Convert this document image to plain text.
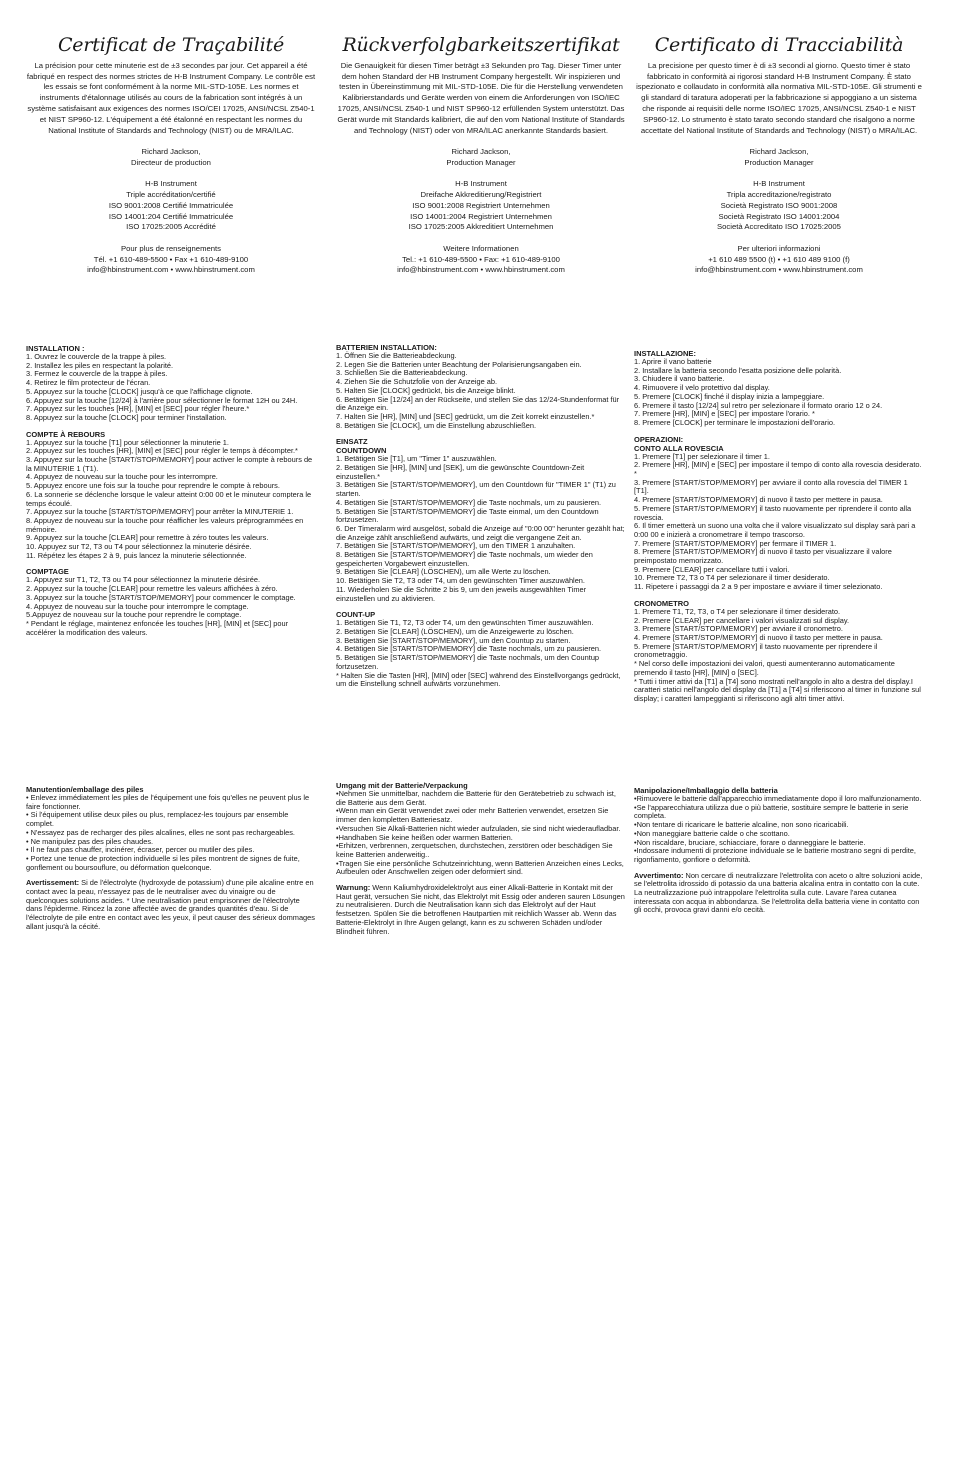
Certificat de Traçabilité

La précision pour cette minuterie est de ±3 secondes par jour. Cet appareil a été fabriqué en respect des normes strictes de H-B Instrument Company. Le contrôle est les essais se font conformément à la norme MIL-STD-105E. Les normes et instruments d'étalonnage utilisés au cours de la fabrication sont intégrés à un système satisfaisant aux exigences des normes ISO/CEI 17025, ANSI/NCSL Z540-1 et NIST SP960-12. L'équipement a été étalonné en respectant les normes du National Institute of Standards and Technology (NIST) ou de MRA/ILAC.

Richard Jackson,
Directeur de production

H-B Instrument
Triple accréditation/certifié
ISO 9001:2008 Certifié Immatriculée
ISO 14001:204 Certifié Immatriculée
ISO 17025:2005 Accrédité

Pour plus de renseignements
Tél. +1 610-489-5500 • Fax +1 610-489-9100
info@hbinstrument.com • www.hbinstrument.com

Rückverfolgbarkeitszertifikat

Die Genauigkeit für diesen Timer beträgt ±3 Sekunden pro Tag. Dieser Timer unter dem hohen Standard der HB Instrument Company hergestellt. Wir inspizieren und testen in Übereinstimmung mit MIL-STD-105E. Die für die Herstellung verwendeten Kalibrierstandards und Geräte werden von einem die Anforderungen von ISO/IEC 17025, ANSI/NCSL Z540-1 und NIST SP960-12 erfüllenden System unterstützt. Das Gerät wurde mit Standards kalibriert, die auf den vom National Institute of Standards and Technology (NIST) oder von MRA/ILAC anerkannte Standards basiert.

Richard Jackson,
Production Manager

H-B Instrument
Dreifache Akkreditierung/Registriert
ISO 9001:2008 Registriert Unternehmen
ISO 14001:2004 Registriert Unternehmen
ISO 17025:2005 Akkreditiert Unternehmen

Weitere Informationen
Tel.: +1 610-489-5500 • Fax: +1 610-489-9100
info@hbinstrument.com • www.hbinstrument.com

Certificato di Tracciabilità

La precisione per questo timer è di ±3 secondi al giorno. Questo timer è stato fabbricato in conformità ai rigorosi standard H-B Instrument Company. È stato ispezionato e collaudato in conformità alla normativa MIL-STD-105E. Gli strumenti e gli standard di taratura adoperati per la fabbricazione si appoggiano a un sistema che risponde ai requisiti delle norme ISO/IEC 17025, ANSI/NCSL Z540-1 e NIST SP960-12. Lo strumento è stato tarato secondo standard che risalgono a norme accettate del National Institute of Standards and Technology (NIST) o MRA/ILAC.

Richard Jackson,
Production Manager

H-B Instrument
Tripla accreditazione/registrato
Società Registrato ISO 9001:2008
Società Registrato ISO 14001:2004
Società Accreditato ISO 17025:2005

Per ulteriori informazioni
+1 610 489 5500 (t) • +1 610 489 9100 (f)
info@hbinstrument.com • www.hbinstrument.com

INSTALLATION :
1. Ouvrez le couvercle de la trappe à piles.
2. Installez les piles en respectant la polarité.
3. Fermez le couvercle de la trappe à piles.
4. Retirez le film protecteur de l'écran.
5. Appuyez sur la touche [CLOCK] jusqu'à ce que l'affichage clignote.
6. Appuyez sur la touche [12/24] à l'arrière pour sélectionner le format 12H ou 24H.
7. Appuyez sur les touches [HR], [MIN] et [SEC] pour régler l'heure.*
8. Appuyez sur la touche [CLOCK] pour terminer l'installation.
COMPTE À REBOURS
1. Appuyez sur la touche [T1] pour sélectionner la minuterie 1.
2. Appuyez sur les touches [HR], [MIN] et [SEC] pour régler le temps à décompter.*
3. Appuyez sur la touche [START/STOP/MEMORY] pour activer le compte à rebours de la MINUTERIE 1 (T1).
4. Appuyez de nouveau sur la touche pour les interrompre.
5. Appuyez encore une fois sur la touche pour reprendre le compte à rebours.
6. La sonnerie se déclenche lorsque le valeur atteint 0:00 00 et le minuteur comptera le temps écoulé.
7. Appuyez sur la touche [START/STOP/MEMORY] pour arrêter la MINUTERIE 1.
8. Appuyez de nouveau sur la touche pour réafficher les valeurs préprogrammées en mémoire.
9. Appuyez sur la touche [CLEAR] pour remettre à zéro toutes les valeurs.
10. Appuyez sur T2, T3 ou T4 pour sélectionnez la minuterie désirée.
11. Répétez les étapes 2 à 9, puis lancez la minuterie sélectionnée.
COMPTAGE
1. Appuyez sur T1, T2, T3 ou T4 pour sélectionnez la minuterie désirée.
2. Appuyez sur la touche [CLEAR] pour remettre les valeurs affichées à zéro.
3. Appuyez sur la touche [START/STOP/MEMORY] pour commencer le comptage.
4. Appuyez de nouveau sur la touche pour interrompre le comptage.
5.Appuyez de nouveau sur la touche pour reprendre le comptage.
* Pendant le réglage, maintenez enfoncée les touches [HR], [MIN] et [SEC] pour accélérer la modification des valeurs.
BATTERIEN INSTALLATION:
1. Öffnen Sie die Batterieabdeckung.
2. Legen Sie die Batterien unter Beachtung der Polarisierungsangaben ein.
3. Schließen Sie die Batterieabdeckung.
4. Ziehen Sie die Schutzfolie von der Anzeige ab.
5. Halten Sie [CLOCK] gedrückt, bis die Anzeige blinkt.
6. Betätigen Sie [12/24] an der Rückseite, und stellen Sie das 12/24-Stundenformat für die Anzeige ein.
7. Halten Sie [HR], [MIN] und [SEC] gedrückt, um die Zeit korrekt einzustellen.*
8. Betätigen Sie [CLOCK], um die Einstellung abzuschließen.
EINSATZ
COUNTDOWN
1. Betätigen Sie [T1], um "Timer 1" auszuwählen.
2. Betätigen Sie [HR], [MIN] und [SEK], um die gewünschte Countdown-Zeit einzustellen.*
3. Betätigen Sie [START/STOP/MEMORY], um den Countdown für "TIMER 1" (T1) zu starten.
4. Betätigen Sie [START/STOP/MEMORY] die Taste nochmals, um zu pausieren.
5. Betätigen Sie [START/STOP/MEMORY] die Taste einmal, um den Countdown fortzusetzen.
6. Der Timeralarm wird ausgelöst, sobald die Anzeige auf "0:00 00" herunter gezählt hat; die Anzeige zählt anschließend aufwärts, und zeigt die vergangene Zeit an.
7. Betätigen Sie [START/STOP/MEMORY], um den TIMER 1 anzuhalten.
8. Betätigen Sie [START/STOP/MEMORY] die Taste nochmals, um wieder den gespeicherten Vorgabewert einzustellen.
9. Betätigen Sie [CLEAR] (LÖSCHEN), um alle Werte zu löschen.
10. Betätigen Sie T2, T3 oder T4, um den gewünschten Timer auszuwählen.
11. Wiederholen Sie die Schritte 2 bis 9, um den jeweils ausgewählten Timer einzustellen und zu aktivieren.
COUNT-UP
1. Betätigen Sie T1, T2, T3 oder T4, um den gewünschten Timer auszuwählen.
2. Betätigen Sie [CLEAR] (LÖSCHEN), um die Anzeigewerte zu löschen.
3. Betätigen Sie [START/STOP/MEMORY], um den Countup zu starten.
4. Betätigen Sie [START/STOP/MEMORY] die Taste nochmals, um zu pausieren.
5. Betätigen Sie [START/STOP/MEMORY] die Taste nochmals, um den Countup fortzusetzen.
* Halten Sie die Tasten [HR], [MIN] oder [SEC] während des Einstellvorgangs gedrückt, um die Einstellung schnell aufwärts vorzunehmen.
INSTALLAZIONE:
1. Aprire il vano batterie
2. Installare la batteria secondo l'esatta posizione delle polarità.
3. Chiudere il vano batterie.
4. Rimuovere il velo protettivo dal display.
5. Premere [CLOCK] finché il display inizia a lampeggiare.
6. Premere il tasto [12/24] sul retro per selezionare il formato orario 12 o 24.
7. Premere [HR], [MIN] e [SEC] per impostare l'orario. *
8. Premere [CLOCK] per terminare le impostazioni dell'orario.
OPERAZIONI:
CONTO ALLA ROVESCIA
1. Premere [T1] per selezionare il timer 1.
2. Premere [HR], [MIN] e [SEC] per impostare il tempo di conto alla rovescia desiderato. *
3. Premere [START/STOP/MEMORY] per avviare il conto alla rovescia del TIMER 1 [T1].
4. Premere [START/STOP/MEMORY] di nuovo il tasto per mettere in pausa.
5. Premere [START/STOP/MEMORY] il tasto nuovamente per riprendere il conto alla rovescia.
6. Il timer emetterà un suono una volta che il valore visualizzato sul display sarà pari a 0:00 00 e inizierà a cronometrare il tempo trascorso.
7. Premere [START/STOP/MEMORY] per fermare il TIMER 1.
8. Premere [START/STOP/MEMORY] di nuovo il tasto per visualizzare il valore preimpostato memorizzato.
9. Premere [CLEAR] per cancellare tutti i valori.
10. Premere T2, T3 o T4 per selezionare il timer desiderato.
11. Ripetere i passaggi da 2 a 9 per impostare e avviare il timer selezionato.
CRONOMETRO
1. Premere T1, T2, T3, o T4 per selezionare il timer desiderato.
2. Premere [CLEAR] per cancellare i valori visualizzati sul display.
3. Premere [START/STOP/MEMORY] per avviare il cronometro.
4. Premere [START/STOP/MEMORY] di nuovo il tasto per mettere in pausa.
5. Premere [START/STOP/MEMORY] il tasto nuovamente per riprendere il cronometraggio.
* Nel corso delle impostazioni dei valori, questi aumenteranno automaticamente premendo il tasto [HR], [MIN] o [SEC].
* Tutti i timer attivi da [T1] a [T4] sono mostrati nell'angolo in alto a destra del display.I caratteri statici nell'angolo del display da [T1] a [T4] si riferiscono al timer in funzione sul display; i caratteri lampeggianti si riferiscono agli altri timer attivi.
Manutention/emballage des piles
• Enlevez immédiatement les piles de l'équipement une fois qu'elles ne peuvent plus le faire fonctionner.
• Si l'équipement utilise deux piles ou plus, remplacez-les toujours par ensemble complet.
• N'essayez pas de recharger des piles alcalines, elles ne sont pas rechargeables.
• Ne manipulez pas des piles chaudes.
• Il ne faut pas chauffer, incinérer, écraser, percer ou mutiler des piles.
• Portez une tenue de protection individuelle si les piles montrent de signes de fuite, gonflement ou boursouflure, ou déformation quelconque.
Avertissement: Si de l'électrolyte (hydroxyde de potassium) d'une pile alcaline entre en contact avec la peau, n'essayez pas de le neutraliser avec du vinaigre ou de quelconques solutions acides. * Une neutralisation peut emprisonner de l'électrolyte dans l'épiderme. Rincez la zone affectée avec de grandes quantités d'eau. Si de l'électrolyte de pile entre en contact avec les yeux, il peut causer des sérieux dommages allant jusqu'à la cécité.
Umgang mit der Batterie/Verpackung
•Nehmen Sie unmittelbar, nachdem die Batterie für den Gerätebetrieb zu schwach ist, die Batterie aus dem Gerät.
•Wenn man ein Gerät verwendet zwei oder mehr Batterien verwendet, ersetzen Sie immer den kompletten Batteriesatz.
•Versuchen Sie Alkali-Batterien nicht wieder aufzuladen, sie sind nicht wiederaufladbar.
•Handhaben Sie keine heißen oder warmen Batterien.
•Erhitzen, verbrennen, zerquetschen, durchstechen, zerstören oder beschädigen Sie keine Batterien anderweitig..
•Tragen Sie eine persönliche Schutzeinrichtung, wenn Batterien Anzeichen eines Lecks, Aufbeulen oder Anschwellen zeigen oder deformiert sind.
Warnung: Wenn Kaliumhydroxidelektrolyt aus einer Alkali-Batterie in Kontakt mit der Haut gerät, versuchen Sie nicht, das Elektrolyt mit Essig oder anderen sauren Lösungen zu neutralisieren. Durch die Neutralisation kann sich das Elektrolyt auf der Haut festsetzen. Spülen Sie die betroffenen Hautpartien mit reichlich Wasser ab. Wenn das Batterie-Elektrolyt in Ihre Augen gelangt, kann es zu schweren Schäden und/oder Blindheit führen.
Manipolazione/Imballaggio della batteria
•Rimuovere le batterie dall'apparecchio immediatamente dopo il loro malfunzionamento.
•Se l'apparecchiatura utilizza due o più batterie, sostituire sempre le batterie in serie completa.
•Non tentare di ricaricare le batterie alcaline, non sono ricaricabili.
•Non maneggiare batterie calde o che scottano.
•Non riscaldare, bruciare, schiacciare, forare o danneggiare le batterie.
•Indossare indumenti di protezione individuale se le batterie mostrano segni di perdite, rigonfiamento, gonfiore o deformità.
Avvertimento: Non cercare di neutralizzare l'elettrolita con aceto o altre soluzioni acide, se l'elettrolita idrossido di potassio da una batteria alcalina entra in contatto con la cute. La neutralizzazione può intrappolare l'elettrolita sulla cute. Lavare l'area cutanea interessata con acqua in abbondanza. Se l'elettrolita della batteria viene in contatto con gli occhi, provoca gravi danni e/o cecità.
